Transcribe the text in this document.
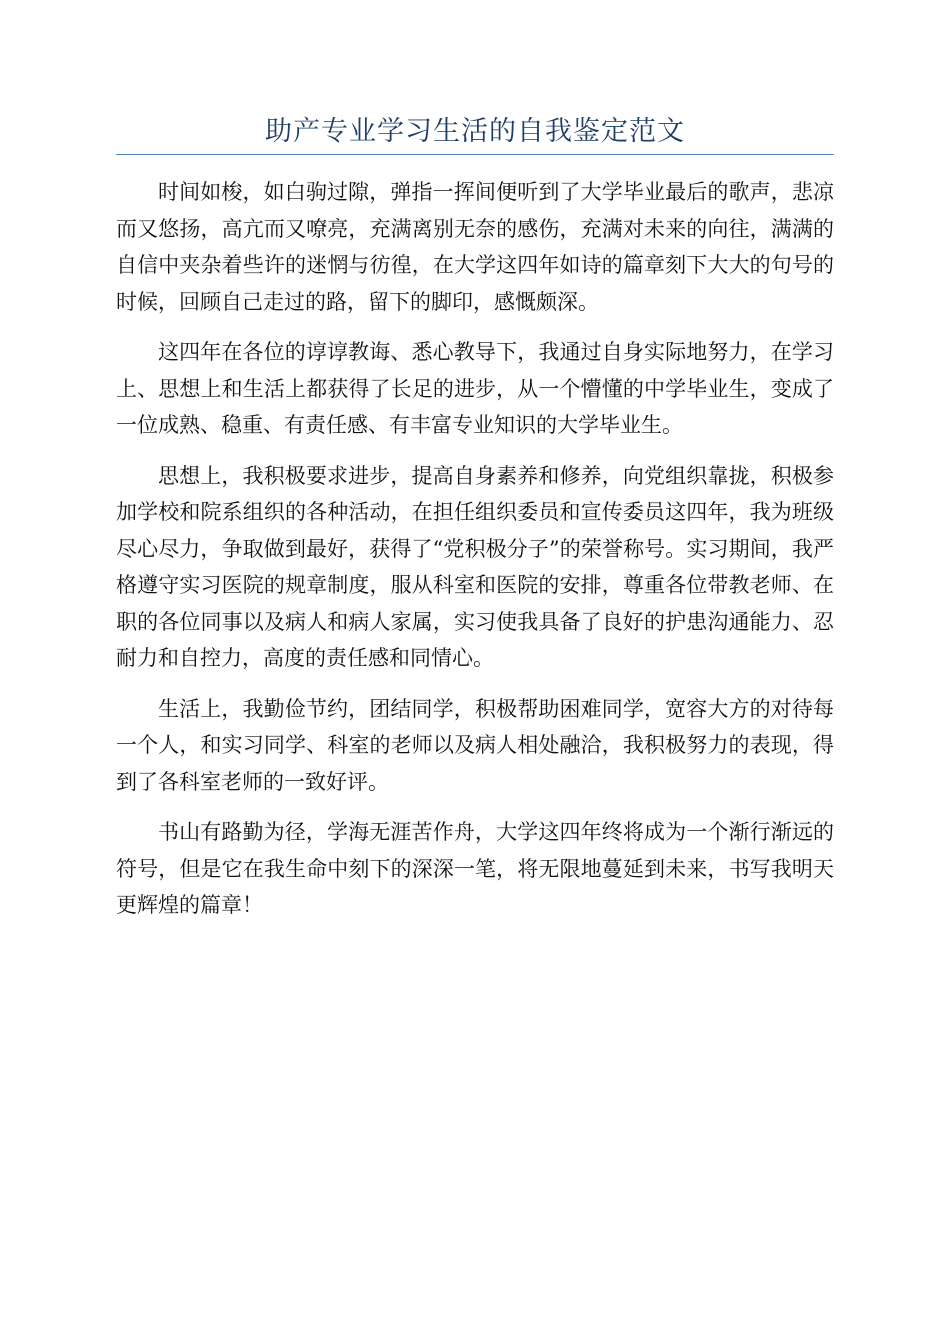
助产专业学习生活的自我鉴定范文

时间如梭，如白驹过隙，弹指一挥间便听到了大学毕业最后的歌声，悲凉而又悠扬，高亢而又嘹亮，充满离别无奈的感伤，充满对未来的向往，满满的自信中夹杂着些许的迷惘与彷徨，在大学这四年如诗的篇章刻下大大的句号的时候，回顾自己走过的路，留下的脚印，感慨颇深。

这四年在各位的谆谆教诲、悉心教导下，我通过自身实际地努力，在学习上、思想上和生活上都获得了长足的进步，从一个懵懂的中学毕业生，变成了一位成熟、稳重、有责任感、有丰富专业知识的大学毕业生。

思想上，我积极要求进步，提高自身素养和修养，向党组织靠拢，积极参加学校和院系组织的各种活动，在担任组织委员和宣传委员这四年，我为班级尽心尽力，争取做到最好，获得了“党积极分子”的荣誉称号。实习期间，我严格遵守实习医院的规章制度，服从科室和医院的安排，尊重各位带教老师、在职的各位同事以及病人和病人家属，实习使我具备了良好的护患沟通能力、忍耐力和自控力，高度的责任感和同情心。

生活上，我勤俭节约，团结同学，积极帮助困难同学，宽容大方的对待每一个人，和实习同学、科室的老师以及病人相处融洽，我积极努力的表现，得到了各科室老师的一致好评。

书山有路勤为径，学海无涯苦作舟，大学这四年终将成为一个渐行渐远的符号，但是它在我生命中刻下的深深一笔，将无限地蔓延到未来，书写我明天更辉煌的篇章！
